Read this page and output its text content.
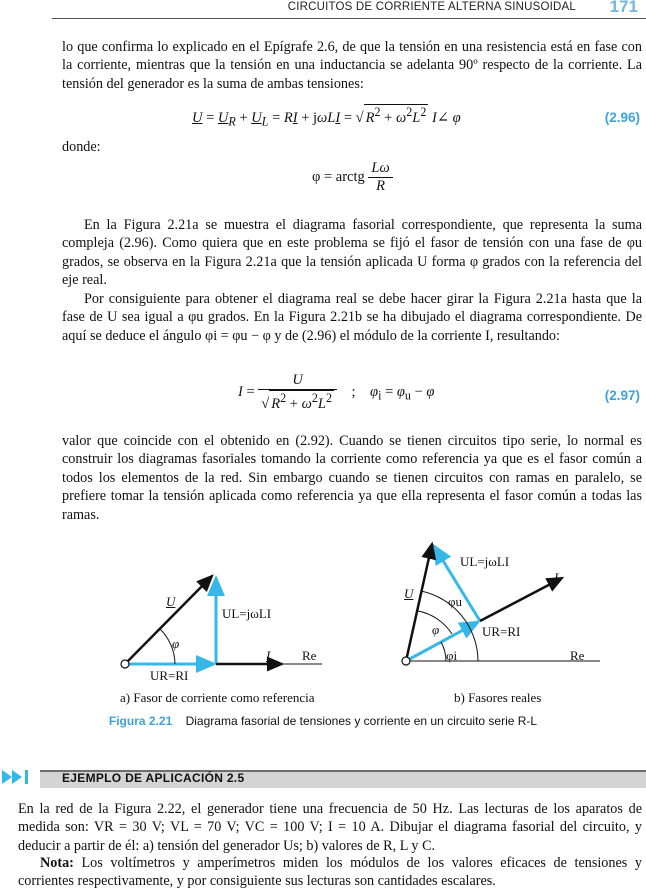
CIRCUITOS DE CORRIENTE ALTERNA SINUSOIDAL 171
lo que confirma lo explicado en el Epígrafe 2.6, de que la tensión en una resistencia está en fase con la corriente, mientras que la tensión en una inductancia se adelanta 90º respecto de la corriente. La tensión del generador es la suma de ambas tensiones:
$U = U_R + U_L$ = RI + jωLI = √ $R^2 + \omega^2L^2$ I∠ φ	(2.96)
donde:
φ = arctg $\frac{L\omega}{R}$
En la Figura 2.21a se muestra el diagrama fasorial correspondiente, que representa la suma compleja (2.96). Como quiera que en este problema se fijó el fasor de tensión con una fase de φu grados, se observa en la Figura 2.21a que la tensión aplicada U forma φ grados con la referencia del eje real.
Por consiguiente para obtener el diagrama real se debe hacer girar la Figura 2.21a hasta que la fase de U sea igual a φu grados. En la Figura 2.21b se ha dibujado el diagrama correspondiente. De aquí se deduce el ángulo φi = φu − φ y de (2.96) el módulo de la corriente I, resultando:
$I = \frac{U}{√ R^2 + \omega^2L^2}$ ;    $\varphi_i = \varphi_u - \varphi$	(2.97)
valor que coincide con el obtenido en (2.92). Cuando se tienen circuitos tipo serie, lo normal es construir los diagramas fasoriales tomando la corriente como referencia ya que es el fasor común a todos los elementos de la red. Sin embargo cuando se tienen circuitos con ramas en paralelo, se prefiere tomar la tensión aplicada como referencia ya que ella representa el fasor común a todas las ramas.
U
φ
UL=jωLI
I Re
UR=RI
UL=jωLI
I
U
φu
φ	UR=RI
φi	Re
a) Fasor de corriente como referencia	b) Fasores reales
Figura 2.21 Diagrama fasorial de tensiones y corriente en un circuito serie R-L
EJEMPLO DE APLICACIÓN 2.5
En la red de la Figura 2.22, el generador tiene una frecuencia de 50 Hz. Las lecturas de los aparatos de medida son: VR = 30 V; VL = 70 V; VC = 100 V; I = 10 A. Dibujar el diagrama fasorial del circuito, y deducir a partir de él: a) tensión del generador Us; b) valores de R, L y C.
Nota: Los voltímetros y amperímetros miden los módulos de los valores eficaces de tensiones y corrientes respectivamente, y por consiguiente sus lecturas son cantidades escalares.
